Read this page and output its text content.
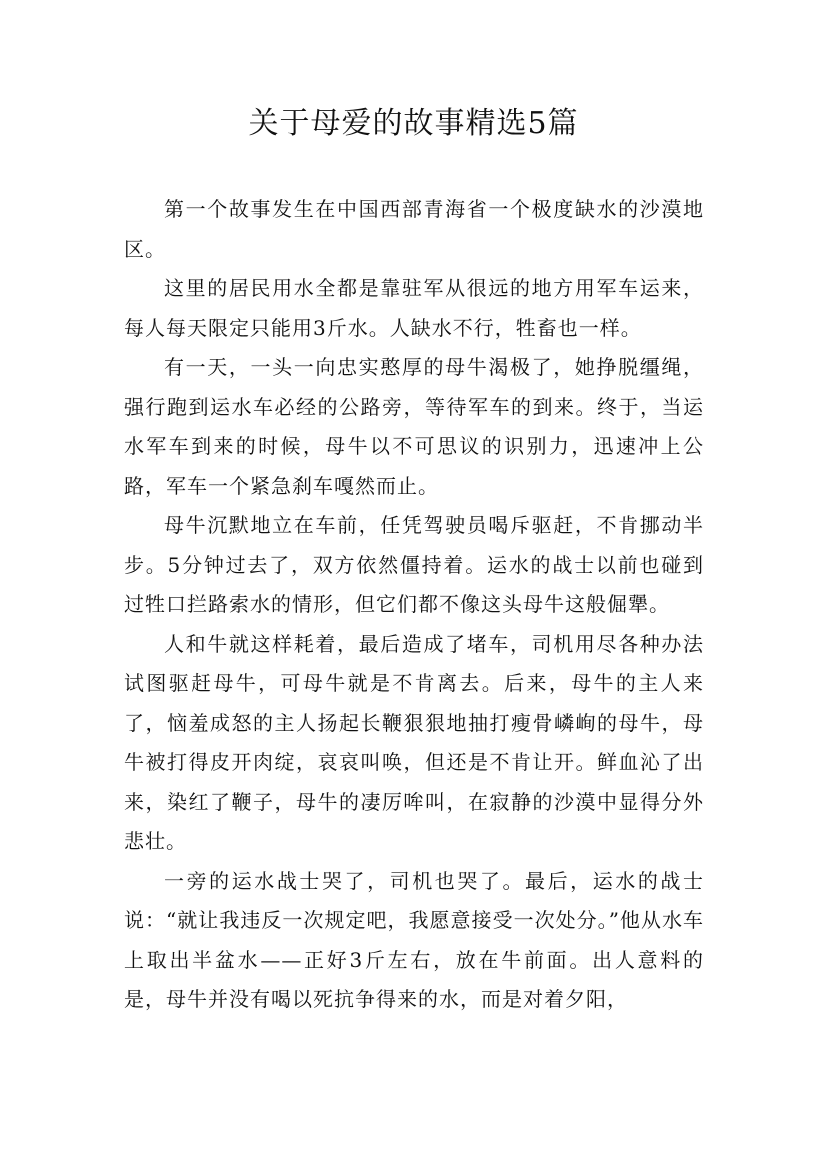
关于母爱的故事精选5篇

第一个故事发生在中国西部青海省一个极度缺水的沙漠地区。

这里的居民用水全都是靠驻军从很远的地方用军车运来，每人每天限定只能用3斤水。人缺水不行，牲畜也一样。

有一天，一头一向忠实憨厚的母牛渴极了，她挣脱缰绳，强行跑到运水车必经的公路旁，等待军车的到来。终于，当运水军车到来的时候，母牛以不可思议的识别力，迅速冲上公路，军车一个紧急刹车嘎然而止。

母牛沉默地立在车前，任凭驾驶员喝斥驱赶，不肯挪动半步。5分钟过去了，双方依然僵持着。运水的战士以前也碰到过牲口拦路索水的情形，但它们都不像这头母牛这般倔犟。

人和牛就这样耗着，最后造成了堵车，司机用尽各种办法试图驱赶母牛，可母牛就是不肯离去。后来，母牛的主人来了，恼羞成怒的主人扬起长鞭狠狠地抽打瘦骨嶙峋的母牛，母牛被打得皮开肉绽，哀哀叫唤，但还是不肯让开。鲜血沁了出来，染红了鞭子，母牛的凄厉哞叫，在寂静的沙漠中显得分外悲壮。

一旁的运水战士哭了，司机也哭了。最后，运水的战士说：“就让我违反一次规定吧，我愿意接受一次处分。”他从水车上取出半盆水——正好3斤左右，放在牛前面。出人意料的是，母牛并没有喝以死抗争得来的水，而是对着夕阳，
